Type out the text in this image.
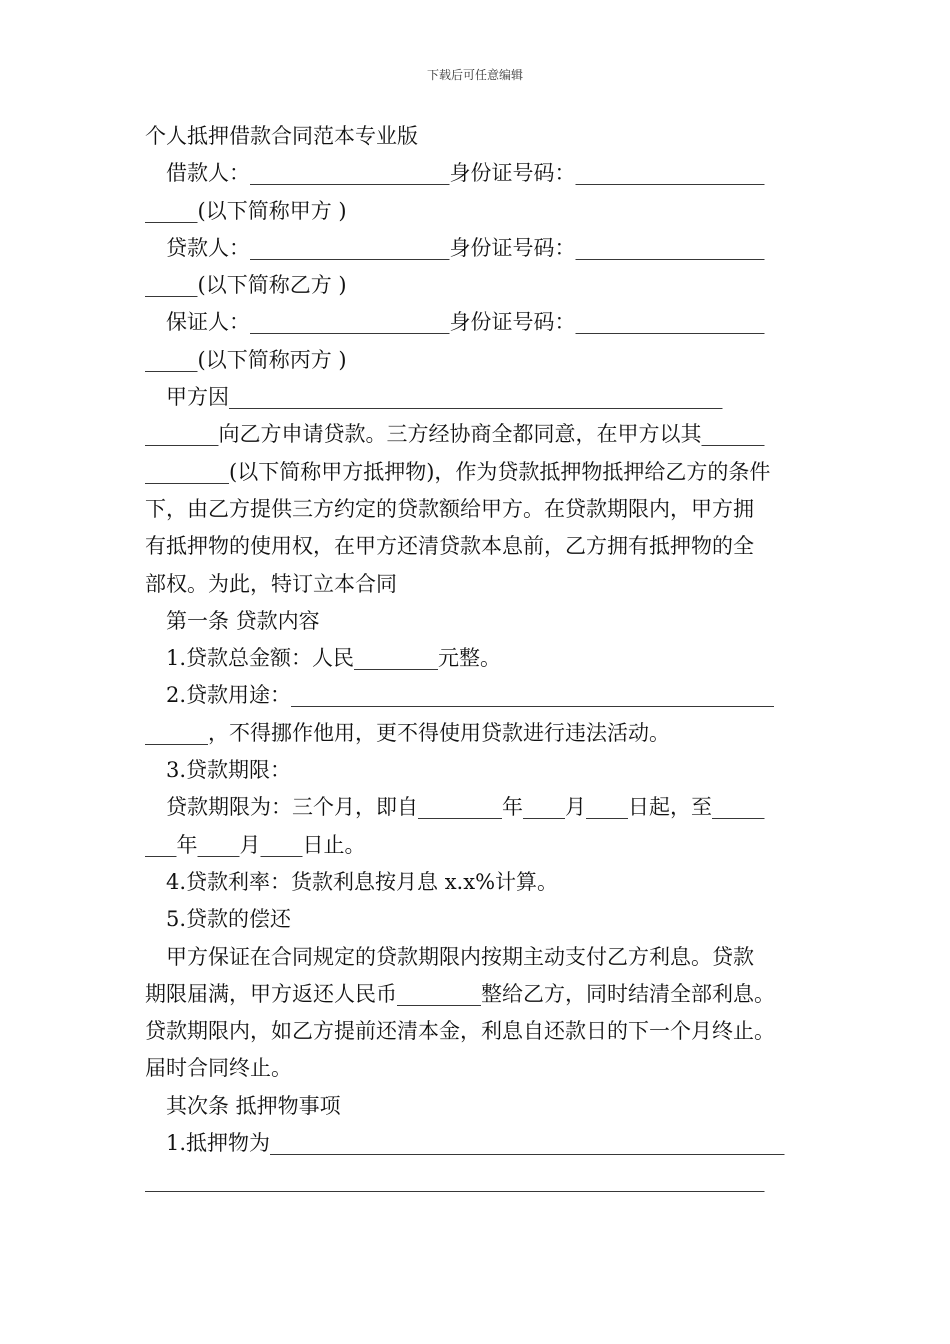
下载后可任意编辑
个人抵押借款合同范本专业版
借款人：___________________身份证号码：__________________
_____(以下简称甲方 )
贷款人：___________________身份证号码：__________________
_____(以下简称乙方 )
保证人：___________________身份证号码：__________________
_____(以下简称丙方 )
甲方因_______________________________________________
_______向乙方申请贷款。三方经协商全都同意，在甲方以其______
________(以下简称甲方抵押物)，作为贷款抵押物抵押给乙方的条件
下，由乙方提供三方约定的贷款额给甲方。在贷款期限内，甲方拥
有抵押物的使用权，在甲方还清贷款本息前，乙方拥有抵押物的全
部权。为此，特订立本合同
第一条 贷款内容
1.贷款总金额：人民________元整。
2.贷款用途：______________________________________________
______，不得挪作他用，更不得使用贷款进行违法活动。
3.贷款期限：
贷款期限为：三个月，即自________年____月____日起，至_____
___年____月____日止。
4.贷款利率：货款利息按月息 x.x%计算。
5.贷款的偿还
甲方保证在合同规定的贷款期限内按期主动支付乙方利息。贷款
期限届满，甲方返还人民币________整给乙方，同时结清全部利息。
贷款期限内，如乙方提前还清本金，利息自还款日的下一个月终止。
届时合同终止。
其次条 抵押物事项
1.抵押物为_________________________________________________
___________________________________________________________
